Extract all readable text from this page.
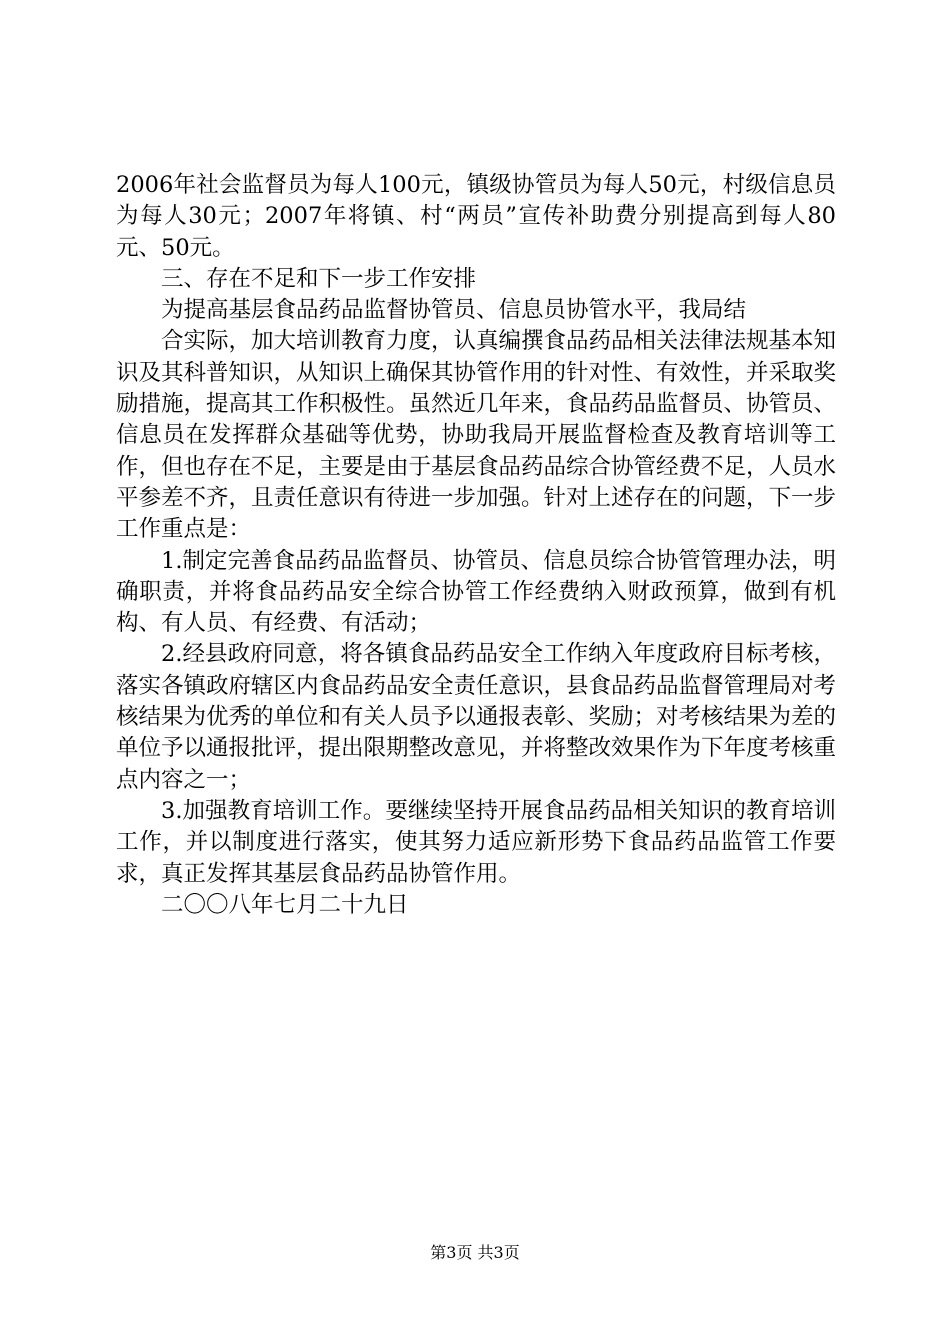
2006年社会监督员为每人100元，镇级协管员为每人50元，村级信息员为每人30元；2007年将镇、村“两员”宣传补助费分别提高到每人80元、50元。

三、存在不足和下一步工作安排

为提高基层食品药品监督协管员、信息员协管水平，我局结

合实际，加大培训教育力度，认真编撰食品药品相关法律法规基本知识及其科普知识，从知识上确保其协管作用的针对性、有效性，并采取奖励措施，提高其工作积极性。虽然近几年来，食品药品监督员、协管员、信息员在发挥群众基础等优势，协助我局开展监督检查及教育培训等工作，但也存在不足，主要是由于基层食品药品综合协管经费不足，人员水平参差不齐，且责任意识有待进一步加强。针对上述存在的问题，下一步工作重点是：

1.制定完善食品药品监督员、协管员、信息员综合协管管理办法，明确职责，并将食品药品安全综合协管工作经费纳入财政预算，做到有机构、有人员、有经费、有活动；

2.经县政府同意，将各镇食品药品安全工作纳入年度政府目标考核，落实各镇政府辖区内食品药品安全责任意识，县食品药品监督管理局对考核结果为优秀的单位和有关人员予以通报表彰、奖励；对考核结果为差的单位予以通报批评，提出限期整改意见，并将整改效果作为下年度考核重点内容之一；

3.加强教育培训工作。要继续坚持开展食品药品相关知识的教育培训工作，并以制度进行落实，使其努力适应新形势下食品药品监管工作要求，真正发挥其基层食品药品协管作用。

二〇〇八年七月二十九日

第3页 共3页
